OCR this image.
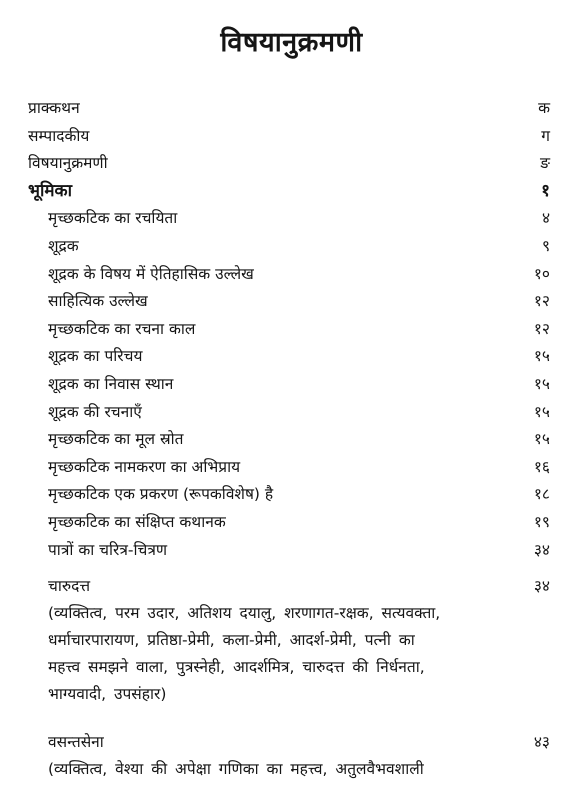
विषयानुक्रमणी
प्राक्कथन	क
सम्पादकीय	ग
विषयानुक्रमणी	ङ
भूमिका	१
मृच्छकटिक का रचयिता	४
शूद्रक	९
शूद्रक के विषय में ऐतिहासिक उल्लेख	१०
साहित्यिक उल्लेख	१२
मृच्छकटिक का रचना काल	१२
शूद्रक का परिचय	१५
शूद्रक का निवास स्थान	१५
शूद्रक की रचनाएँ	१५
मृच्छकटिक का मूल स्रोत	१५
मृच्छकटिक नामकरण का अभिप्राय	१६
मृच्छकटिक एक प्रकरण (रूपकविशेष) है	१८
मृच्छकटिक का संक्षिप्त कथानक	१९
पात्रों का चरित्र-चित्रण	३४
चारुदत्त	३४
(व्यक्तित्व, परम उदार, अतिशय दयालु, शरणागत-रक्षक, सत्यवक्ता,
धर्माचारपारायण, प्रतिष्ठा-प्रेमी, कला-प्रेमी, आदर्श-प्रेमी, पत्नी का
महत्त्व समझने वाला, पुत्रस्नेही, आदर्शमित्र, चारुदत्त की निर्धनता,
भाग्यवादी, उपसंहार)
वसन्तसेना	४३
(व्यक्तित्व, वेश्या की अपेक्षा गणिका का महत्त्व, अतुलवैभवशाली
